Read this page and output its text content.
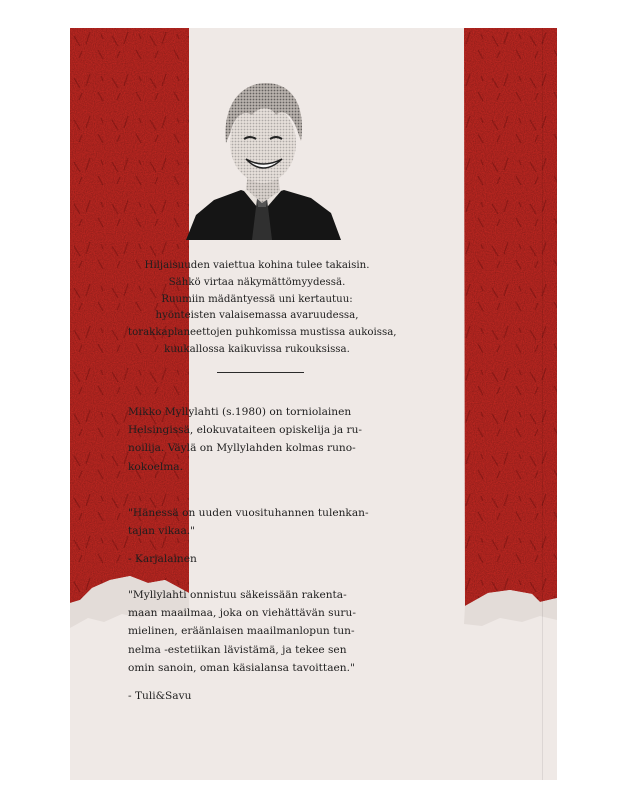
Hiljaisuuden vaiettua kohina tulee takaisin.
Sähkö virtaa näkymättömyydessä.
Ruumiin mädäntyessä uni kertautuu:
hyönteisten valaisemassa avaruudessa,
torakkaplaneettojen puhkomissa mustissa aukoissa,
kuukallossa kaikuvissa rukouksissa.
Mikko Myllylahti (s.1980) on torniolainen
Helsingissä, elokuvataiteen opiskelija ja ru-
noilija. Väylä on Myllylahden kolmas runo-
kokoelma.
"Hänessä on uuden vuosituhannen tulenkan-
tajan vikaa."
- Karjalainen
"Myllylahti onnistuu säkeissään rakenta-
maan maailmaa, joka on viehättävän suru-
mielinen, eräänlaisen maailmanlopun tun-
nelma -estetiikan lävistämä, ja tekee sen
omin sanoin, oman käsialansa tavoittaen."
- Tuli&Savu
